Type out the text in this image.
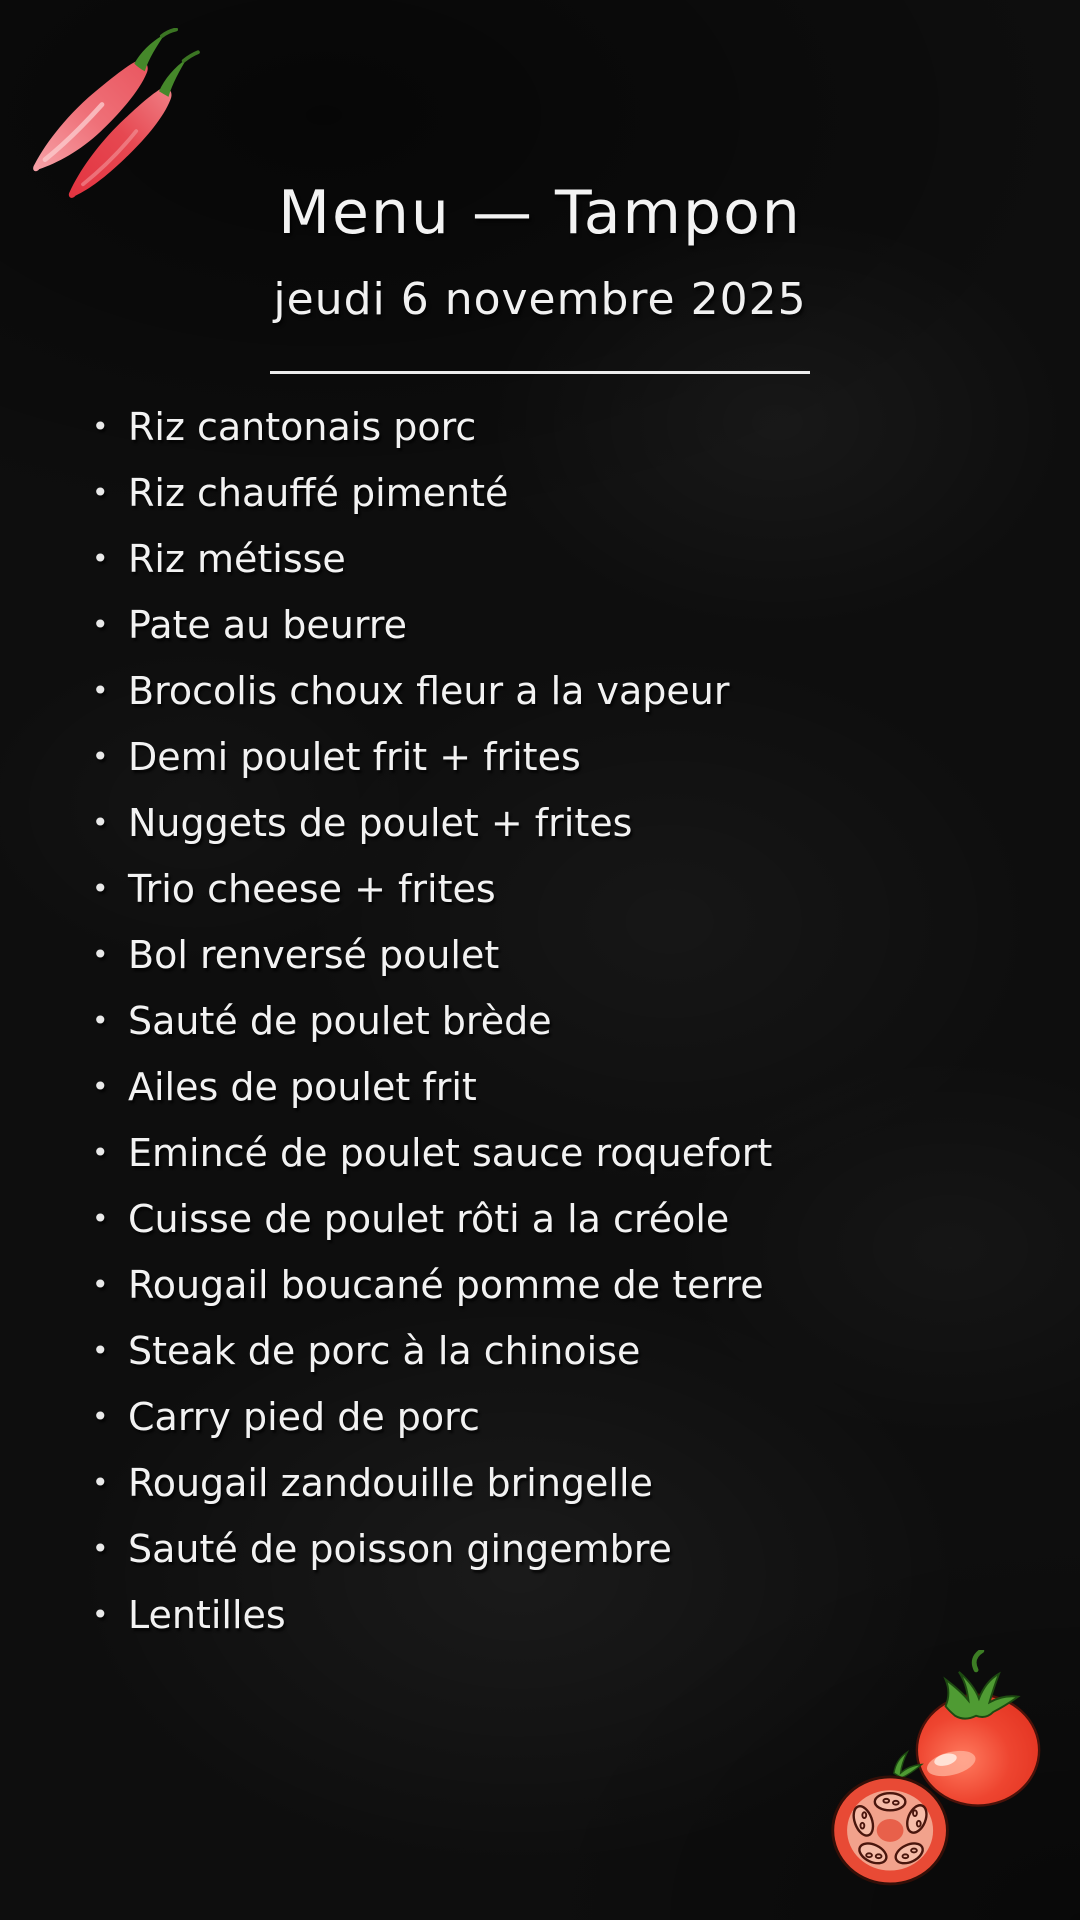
Menu — Tampon
jeudi 6 novembre 2025
• Riz cantonais porc
• Riz chauffé pimenté
• Riz métisse
• Pate au beurre
• Brocolis choux fleur a la vapeur
• Demi poulet frit + frites
• Nuggets de poulet + frites
• Trio cheese + frites
• Bol renversé poulet
• Sauté de poulet brède
• Ailes de poulet frit
• Emincé de poulet sauce roquefort
• Cuisse de poulet rôti a la créole
• Rougail boucané pomme de terre
• Steak de porc à la chinoise
• Carry pied de porc
• Rougail zandouille bringelle
• Sauté de poisson gingembre
• Lentilles
